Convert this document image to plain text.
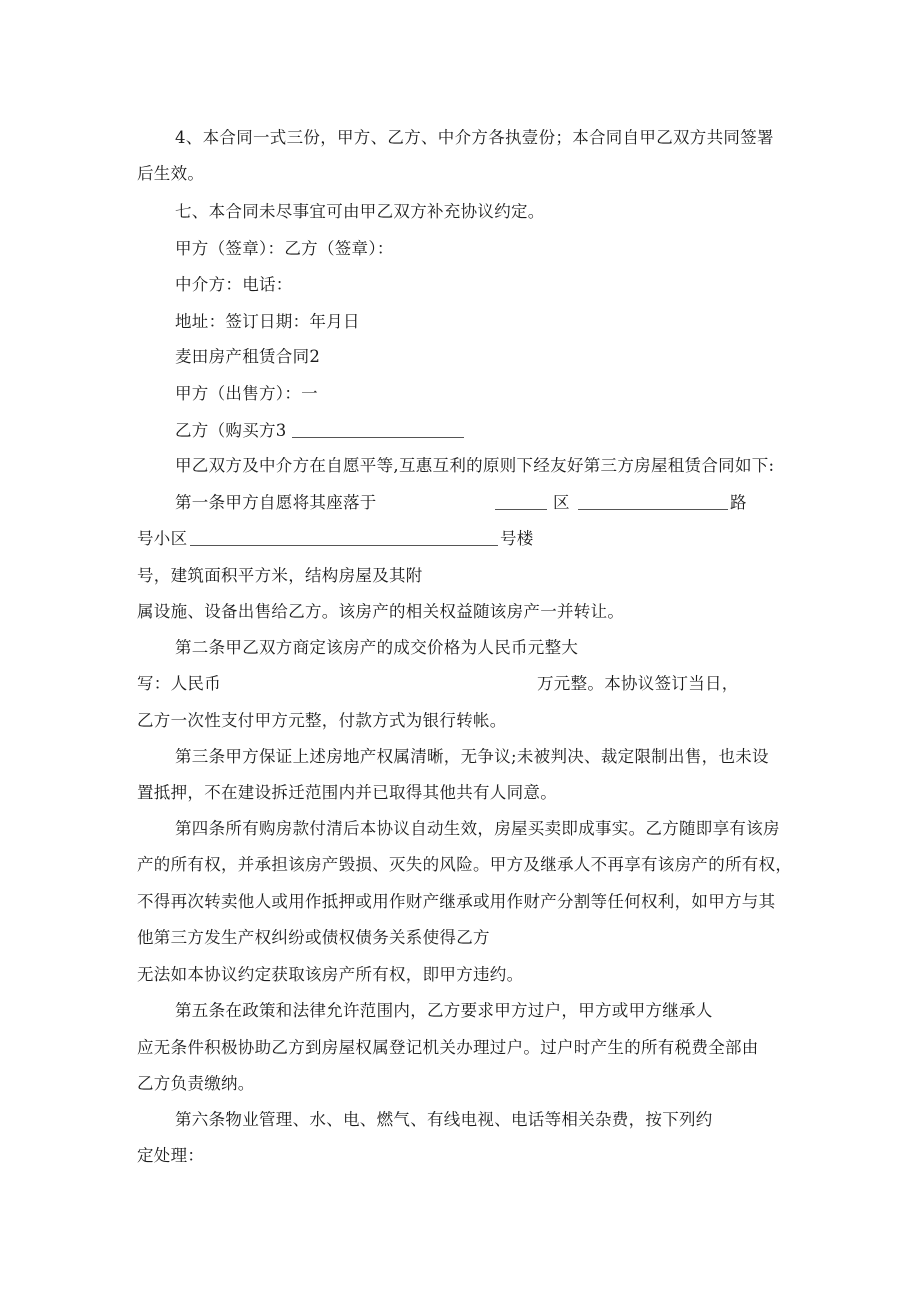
4、本合同一式三份，甲方、乙方、中介方各执壹份；本合同自甲乙双方共同签署
后生效。
七、本合同未尽事宜可由甲乙双方补充协议约定。
甲方（签章）：乙方（签章）：
中介方：电话：
地址：签订日期：年月日
麦田房产租赁合同2
甲方（出售方）：一
乙方（购买方3
甲乙双方及中介方在自愿平等,互惠互利的原则下经友好第三方房屋租赁合同如下:
第一条甲方自愿将其座落于	区	路
号小区	号楼
号，建筑面积平方米，结构房屋及其附
属设施、设备出售给乙方。该房产的相关权益随该房产一并转让。
第二条甲乙双方商定该房产的成交价格为人民币元整大
写：人民币	万元整。本协议签订当日，
乙方一次性支付甲方元整，付款方式为银行转帐。
第三条甲方保证上述房地产权属清晰，无争议;未被判决、裁定限制出售，也未设
置抵押，不在建设拆迁范围内并已取得其他共有人同意。
第四条所有购房款付清后本协议自动生效，房屋买卖即成事实。乙方随即享有该房
产的所有权，并承担该房产毁损、灭失的风险。甲方及继承人不再享有该房产的所有权，
不得再次转卖他人或用作抵押或用作财产继承或用作财产分割等任何权利，如甲方与其
他第三方发生产权纠纷或债权债务关系使得乙方
无法如本协议约定获取该房产所有权，即甲方违约。
第五条在政策和法律允许范围内，乙方要求甲方过户，甲方或甲方继承人
应无条件积极协助乙方到房屋权属登记机关办理过户。过户时产生的所有税费全部由
乙方负责缴纳。
第六条物业管理、水、电、燃气、有线电视、电话等相关杂费，按下列约
定处理：
